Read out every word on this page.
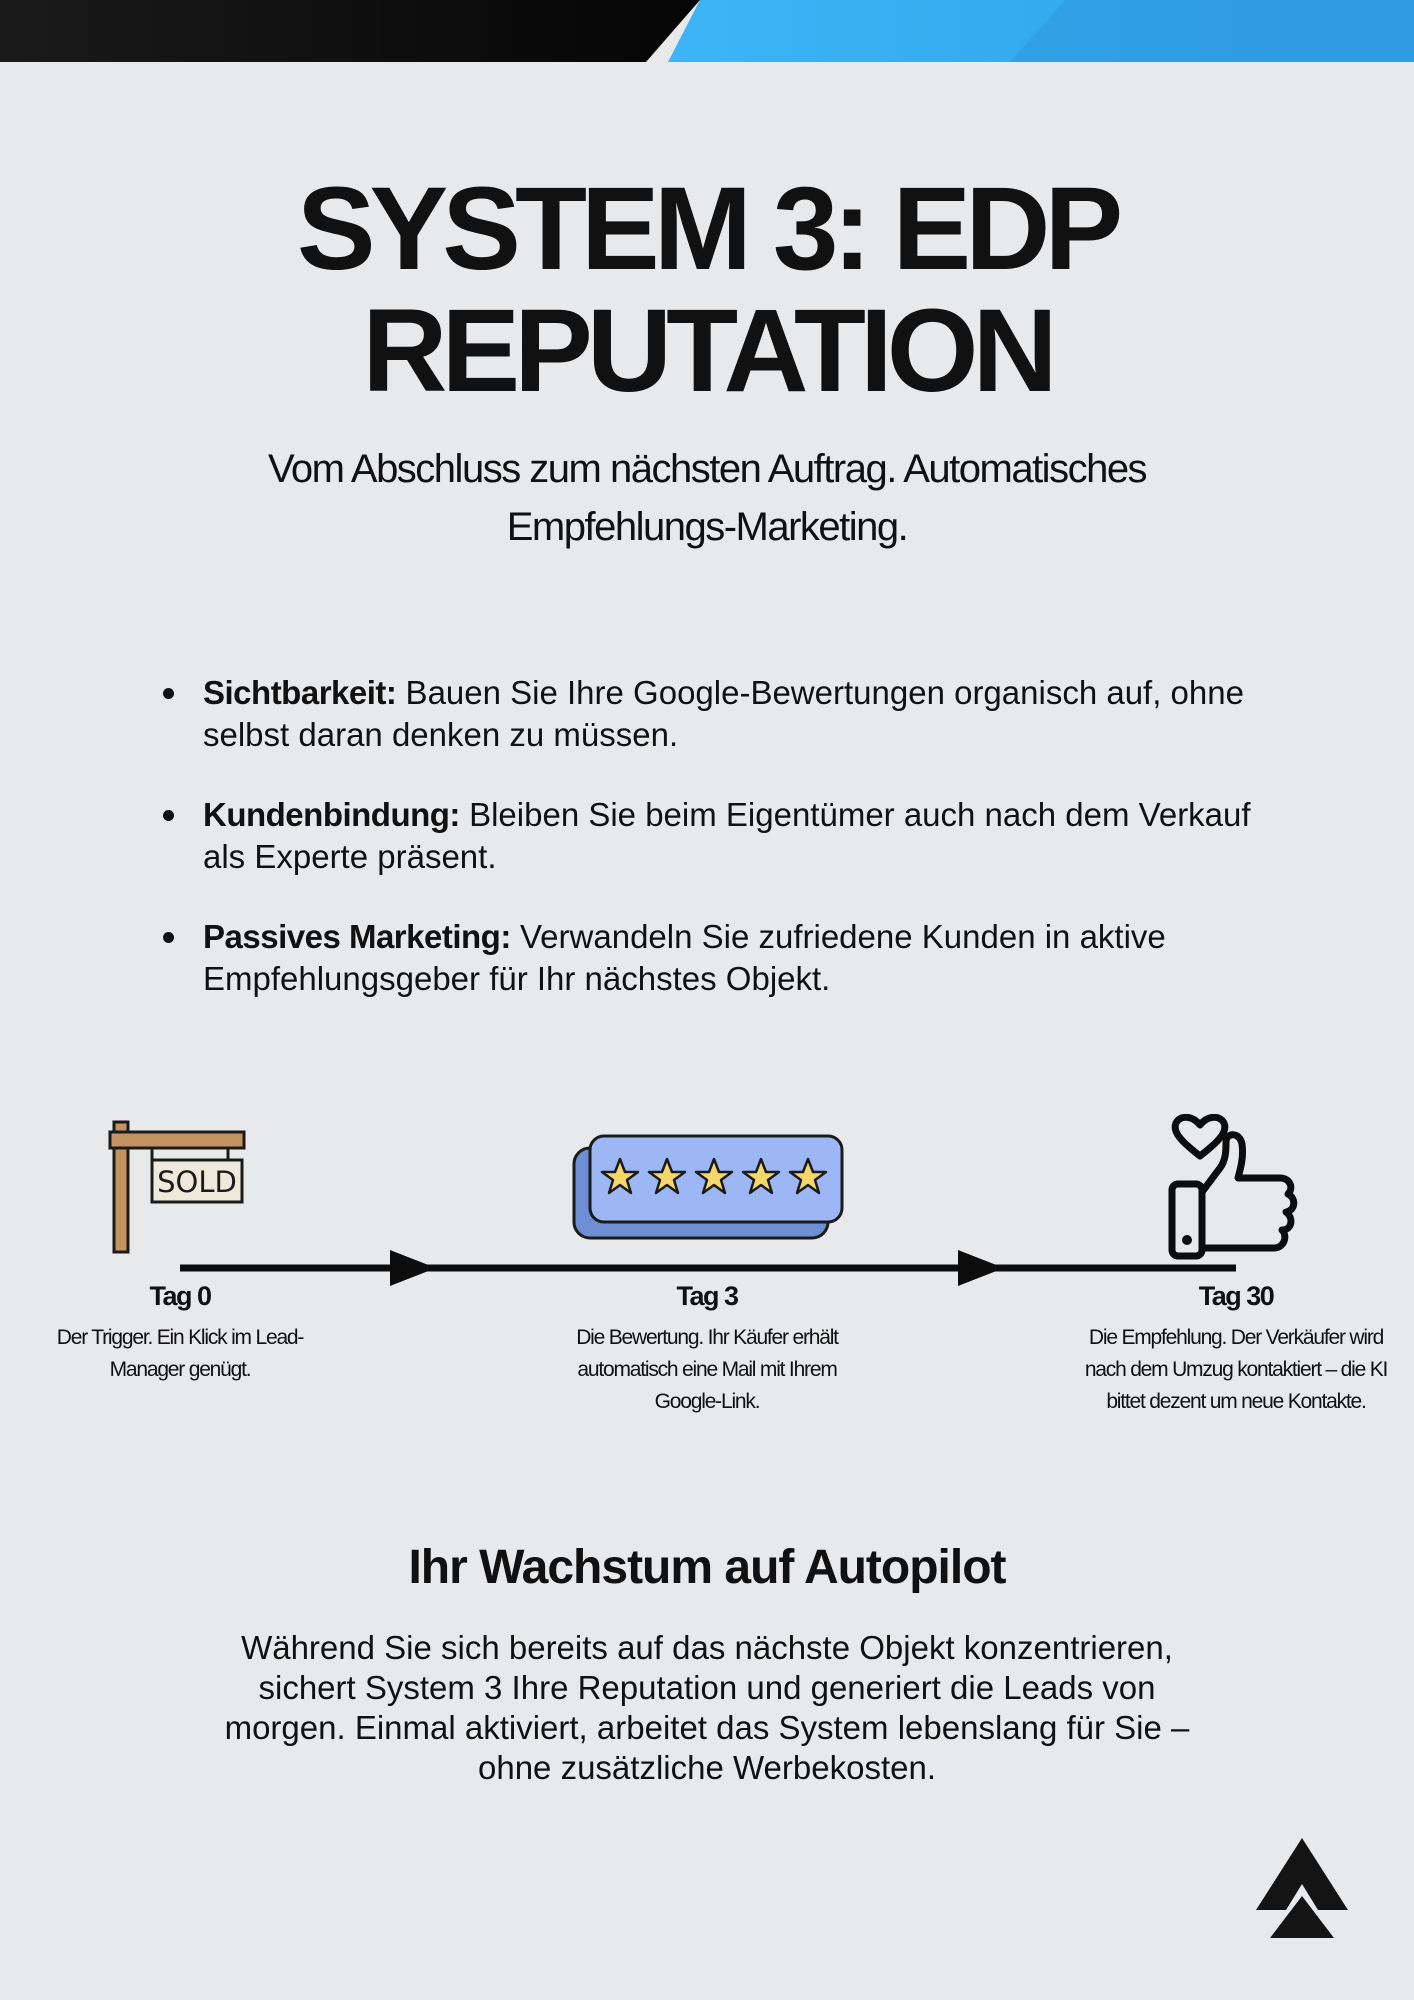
SYSTEM 3: EDP
REPUTATION

Vom Abschluss zum nächsten Auftrag. Automatisches Empfehlungs-Marketing.

Sichtbarkeit: Bauen Sie Ihre Google-Bewertungen organisch auf, ohne selbst daran denken zu müssen.
Kundenbindung: Bleiben Sie beim Eigentümer auch nach dem Verkauf als Experte präsent.
Passives Marketing: Verwandeln Sie zufriedene Kunden in aktive Empfehlungsgeber für Ihr nächstes Objekt.
SOLD
Tag 0
Der Trigger. Ein Klick im Lead-Manager genügt.
Tag 3
Die Bewertung. Ihr Käufer erhält automatisch eine Mail mit Ihrem Google-Link.
Tag 30
Die Empfehlung. Der Verkäufer wird nach dem Umzug kontaktiert – die KI bittet dezent um neue Kontakte.
Ihr Wachstum auf Autopilot

Während Sie sich bereits auf das nächste Objekt konzentrieren, sichert System 3 Ihre Reputation und generiert die Leads von morgen. Einmal aktiviert, arbeitet das System lebenslang für Sie – ohne zusätzliche Werbekosten.
